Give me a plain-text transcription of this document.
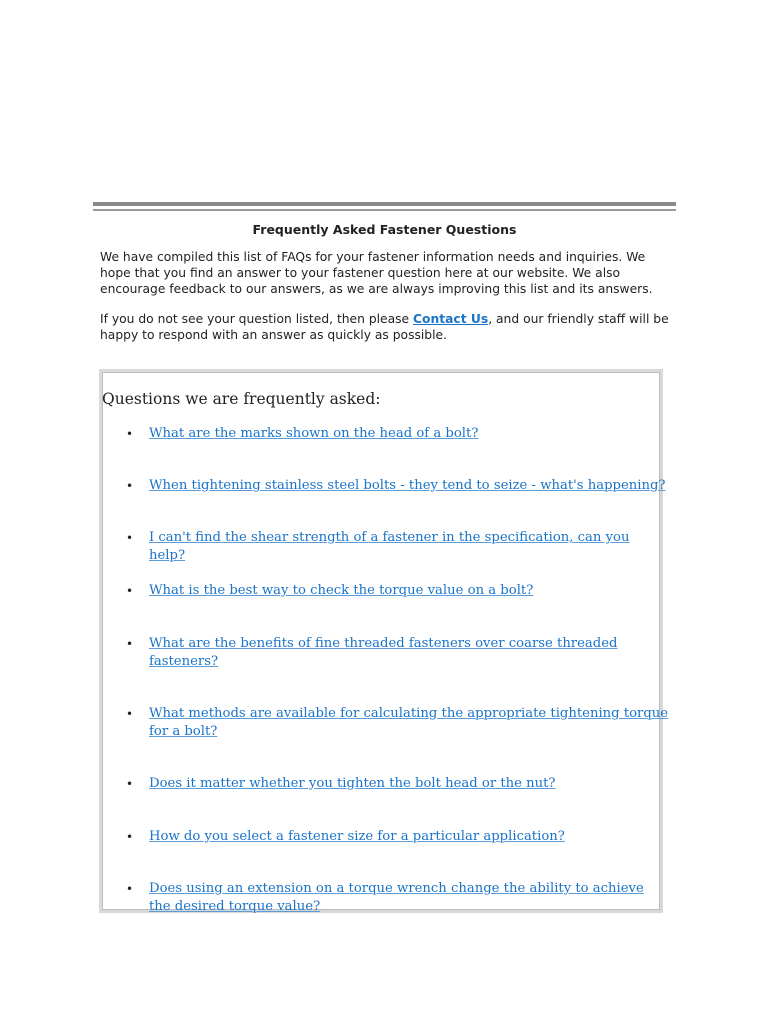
Frequently Asked Fastener Questions

We have compiled this list of FAQs for your fastener information needs and inquiries. We hope that you find an answer to your fastener question here at our website. We also encourage feedback to our answers, as we are always improving this list and its answers.

If you do not see your question listed, then please Contact Us, and our friendly staff will be happy to respond with an answer as quickly as possible.

Questions we are frequently asked:
• What are the marks shown on the head of a bolt?
• When tightening stainless steel bolts - they tend to seize - what's happening?
• I can't find the shear strength of a fastener in the specification, can you help?
• What is the best way to check the torque value on a bolt?
• What are the benefits of fine threaded fasteners over coarse threaded fasteners?
• What methods are available for calculating the appropriate tightening torque for a bolt?
• Does it matter whether you tighten the bolt head or the nut?
• How do you select a fastener size for a particular application?
• Does using an extension on a torque wrench change the ability to achieve the desired torque value?
